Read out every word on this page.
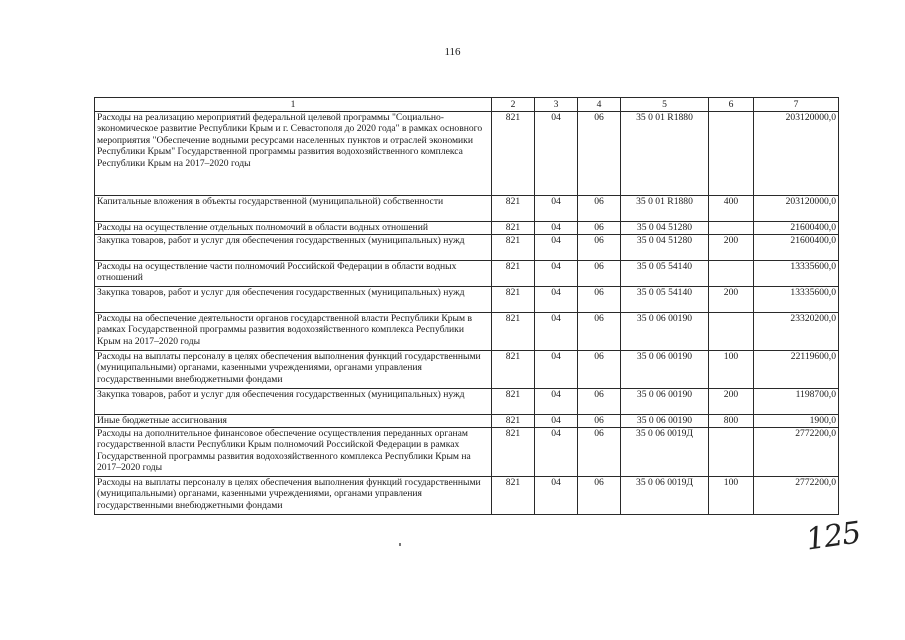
116
1	2	3	4	5	6	7
Расходы на реализацию мероприятий федеральной целевой программы "Социально-экономическое развитие Республики Крым и г. Севастополя до 2020 года" в рамках основного мероприятия "Обеспечение водными ресурсами населенных пунктов и отраслей экономики Республики Крым" Государственной программы развития водохозяйственного комплекса Республики Крым на 2017–2020 годы	821	04	06	35 0 01 R1880		203120000,0
Капитальные вложения в объекты государственной (муниципальной) собственности	821	04	06	35 0 01 R1880	400	203120000,0
Расходы на осуществление отдельных полномочий в области водных отношений	821	04	06	35 0 04 51280		21600400,0
Закупка товаров, работ и услуг для обеспечения государственных (муниципальных) нужд	821	04	06	35 0 04 51280	200	21600400,0
Расходы на осуществление части полномочий Российской Федерации в области водных отношений	821	04	06	35 0 05 54140		13335600,0
Закупка товаров, работ и услуг для обеспечения государственных (муниципальных) нужд	821	04	06	35 0 05 54140	200	13335600,0
Расходы на обеспечение деятельности органов государственной власти Республики Крым в рамках Государственной программы развития водохозяйственного комплекса Республики Крым на 2017–2020 годы	821	04	06	35 0 06 00190		23320200,0
Расходы на выплаты персоналу в целях обеспечения выполнения функций государственными (муниципальными) органами, казенными учреждениями, органами управления государственными внебюджетными фондами	821	04	06	35 0 06 00190	100	22119600,0
Закупка товаров, работ и услуг для обеспечения государственных (муниципальных) нужд	821	04	06	35 0 06 00190	200	1198700,0
Иные бюджетные ассигнования	821	04	06	35 0 06 00190	800	1900,0
Расходы на дополнительное финансовое обеспечение осуществления переданных органам государственной власти Республики Крым полномочий Российской Федерации в рамках Государственной программы развития водохозяйственного комплекса Республики Крым на 2017–2020 годы	821	04	06	35 0 06 0019Д		2772200,0
Расходы на выплаты персоналу в целях обеспечения выполнения функций государственными (муниципальными) органами, казенными учреждениями, органами управления государственными внебюджетными фондами	821	04	06	35 0 06 0019Д	100	2772200,0
125
